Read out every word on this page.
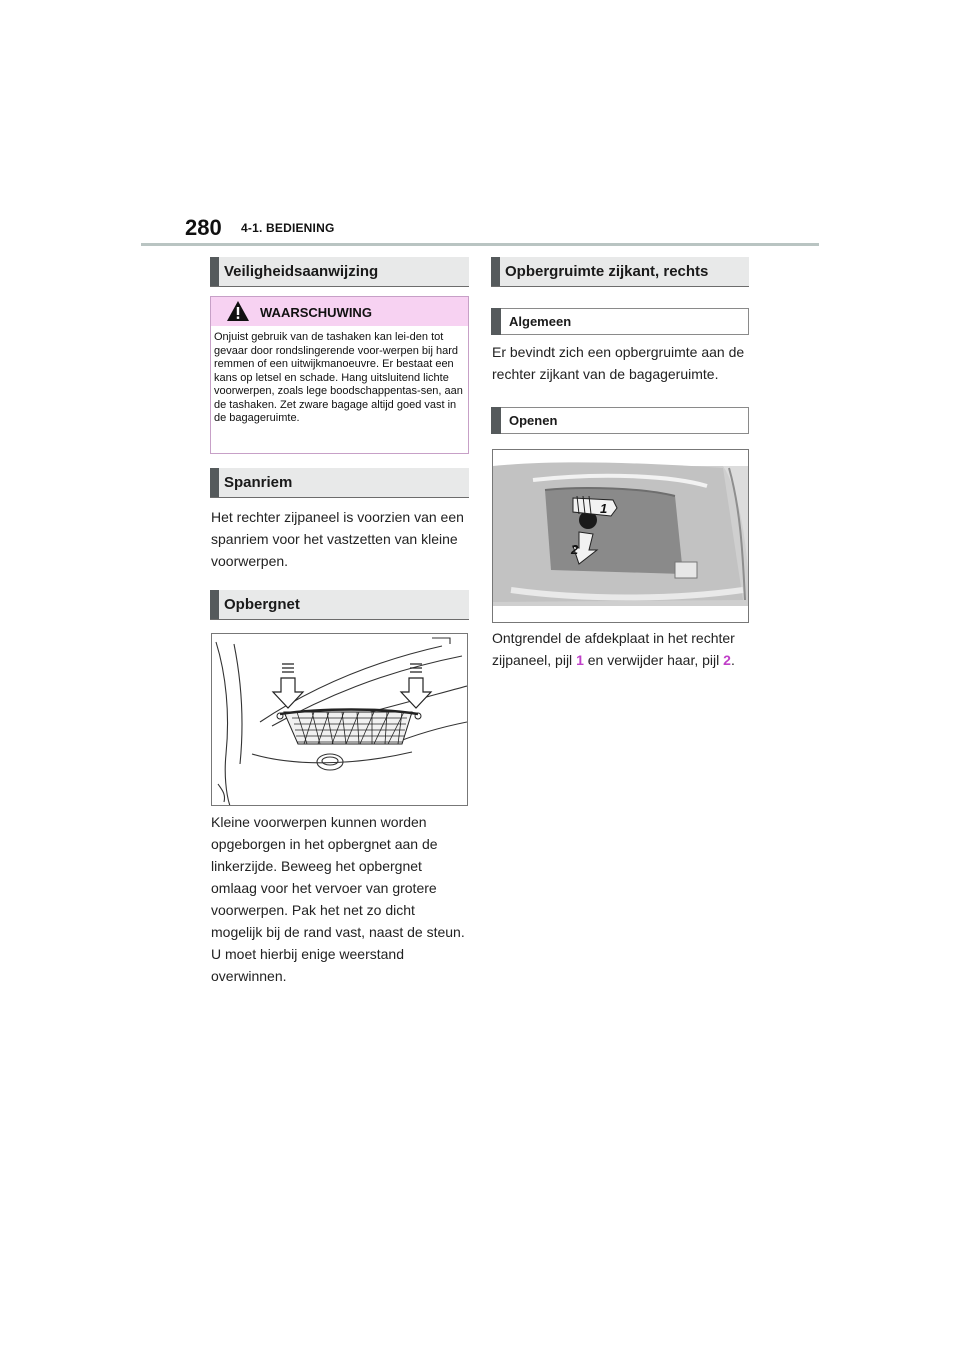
280 4-1. BEDIENING
Veiligheidsaanwijzing
WAARSCHUWING
Onjuist gebruik van de tashaken kan lei-den tot gevaar door rondslingerende voor-werpen bij hard remmen of een uitwijkmanoeuvre. Er bestaat een kans op letsel en schade. Hang uitsluitend lichte voorwerpen, zoals lege boodschappentas-sen, aan de tashaken. Zet zware bagage altijd goed vast in de bagageruimte.
Spanriem
Het rechter zijpaneel is voorzien van een spanriem voor het vastzetten van kleine voorwerpen.
Opbergnet
Kleine voorwerpen kunnen worden opgeborgen in het opbergnet aan de linkerzijde. Beweeg het opbergnet omlaag voor het vervoer van grotere voorwerpen. Pak het net zo dicht mogelijk bij de rand vast, naast de steun. U moet hierbij enige weerstand overwinnen.
Opbergruimte zijkant, rechts
Algemeen
Er bevindt zich een opbergruimte aan de rechter zijkant van de bagageruimte.
Openen
1
2
Ontgrendel de afdekplaat in het rechter zijpaneel, pijl 1 en verwijder haar, pijl 2.
